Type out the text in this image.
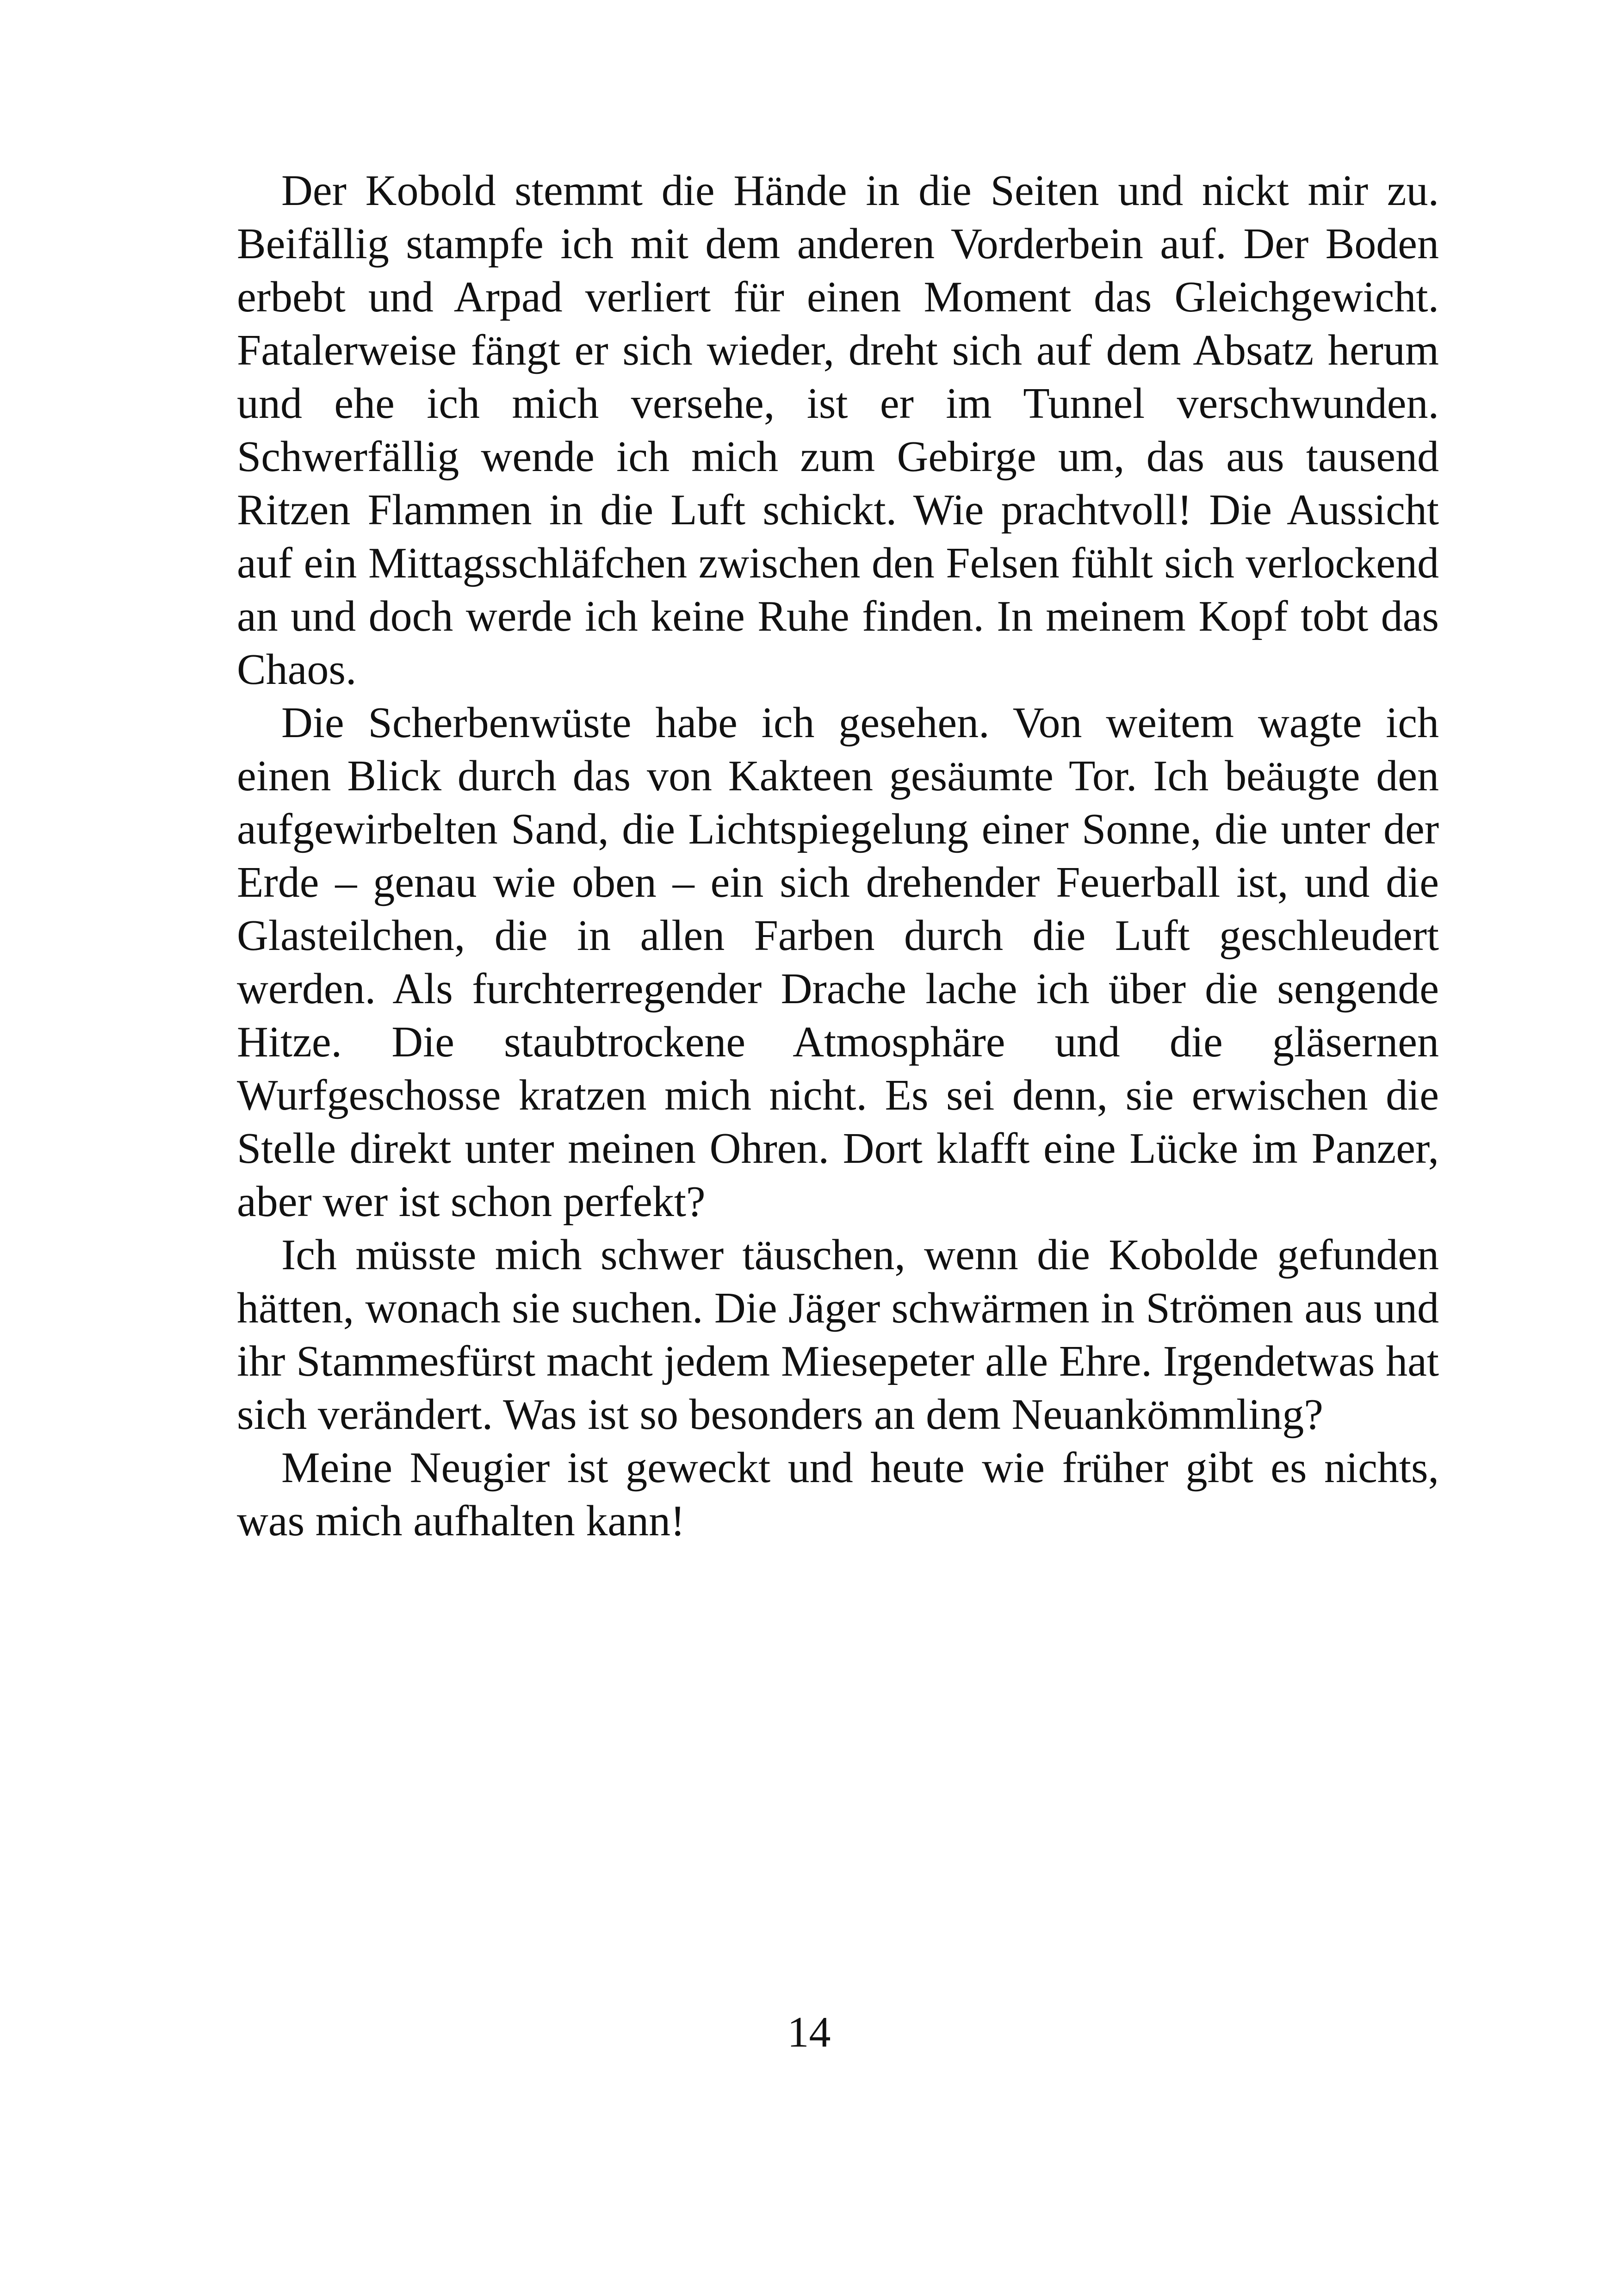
Der Kobold stemmt die Hände in die Seiten und nickt mir zu. Beifällig stampfe ich mit dem anderen Vorderbein auf. Der Boden erbebt und Arpad verliert für einen Moment das Gleichgewicht. Fatalerweise fängt er sich wieder, dreht sich auf dem Absatz herum und ehe ich mich versehe, ist er im Tunnel verschwunden. Schwerfällig wende ich mich zum Gebirge um, das aus tausend Ritzen Flammen in die Luft schickt. Wie prachtvoll! Die Aussicht auf ein Mittagsschläfchen zwischen den Felsen fühlt sich verlockend an und doch werde ich keine Ruhe finden. In meinem Kopf tobt das Chaos.

Die Scherbenwüste habe ich gesehen. Von weitem wagte ich einen Blick durch das von Kakteen gesäumte Tor. Ich beäugte den aufgewirbelten Sand, die Lichtspiegelung einer Sonne, die unter der Erde – genau wie oben – ein sich drehender Feuerball ist, und die Glasteilchen, die in allen Farben durch die Luft geschleudert werden. Als furchterregender Drache lache ich über die sengende Hitze. Die staubtrockene Atmosphäre und die gläsernen Wurfgeschosse kratzen mich nicht. Es sei denn, sie erwischen die Stelle direkt unter meinen Ohren. Dort klafft eine Lücke im Panzer, aber wer ist schon perfekt?

Ich müsste mich schwer täuschen, wenn die Kobolde gefunden hätten, wonach sie suchen. Die Jäger schwärmen in Strömen aus und ihr Stammesfürst macht jedem Miesepeter alle Ehre. Irgendetwas hat sich verändert. Was ist so besonders an dem Neuankömmling?

Meine Neugier ist geweckt und heute wie früher gibt es nichts, was mich aufhalten kann!

14
